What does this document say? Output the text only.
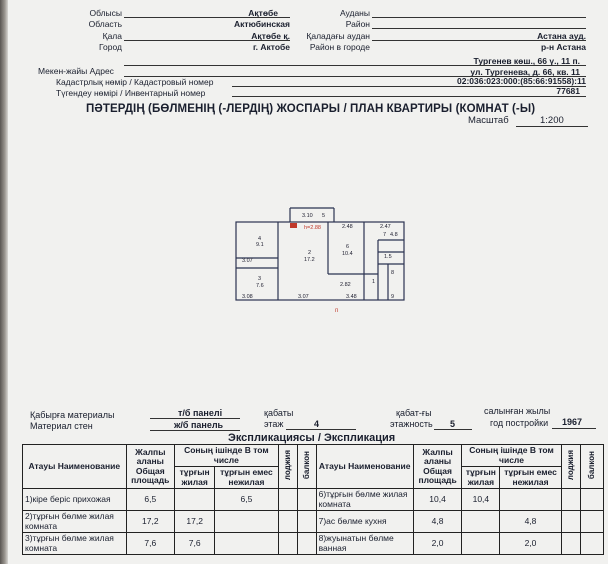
Облысы	Ақтөбе
Область	Актюбинская
Қала	Ақтөбе қ.
Город	г. Актобе
Ауданы
Район
Қаладағы аудан	Астана ауд.
Район в городе	р-н Астана
Мекен-жайы Адрес
Тургенев көш., 66 ү., 11 п.
ул. Тургенева, д. 66, кв. 11
Кадастрлық нөмір / Кадастровый номер	02:036:023:000:(85:66:91558):11
Түгендеу нөмірі / Инвентарный номер	77681
ПӘТЕРДІҢ (БӨЛМЕНІҢ (-ЛЕРДІҢ) ЖОСПАРЫ / ПЛАН КВАРТИРЫ (КОМНАТ (-Ы)
Масштаб	1:200
3.10 5
2.48	2.47
3.07
3.08	3.07	3.48
2.82
1.5
h=2.88
4
9.1
3
7.6
2
17.2
6
10.4
1
7 4.8
8
9
п
Қабырға материалы
Материал стен
т/б панелі
ж/б панель
қабаты
этаж	4
қабат-ғы
этажность 5
салынған жылы
год постройки 1967
Экспликациясы / Экспликация
Атауы Наименование	Жалпы аланы Общая площадь	Соның ішінде В том числе		лоджия	балкон	Атауы Наименование	Жалпы аланы Общая площадь	Соның ішінде В том числе		лоджия	балкон
		тұрғын жилая	тұрғын емес нежилая					тұрғын жилая	тұрғын емес нежилая		
1)кіре беріс прихожая	6,5		6,5			6)тұрғын бөлме жилая комната	10,4	10,4			
2)тұрғын бөлме жилая комната	17,2	17,2				7)ас бөлме кухня	4,8		4,8		
3)тұрғын бөлме жилая комната	7,6	7,6				8)жуынатын бөлме ванная	2,0		2,0		
